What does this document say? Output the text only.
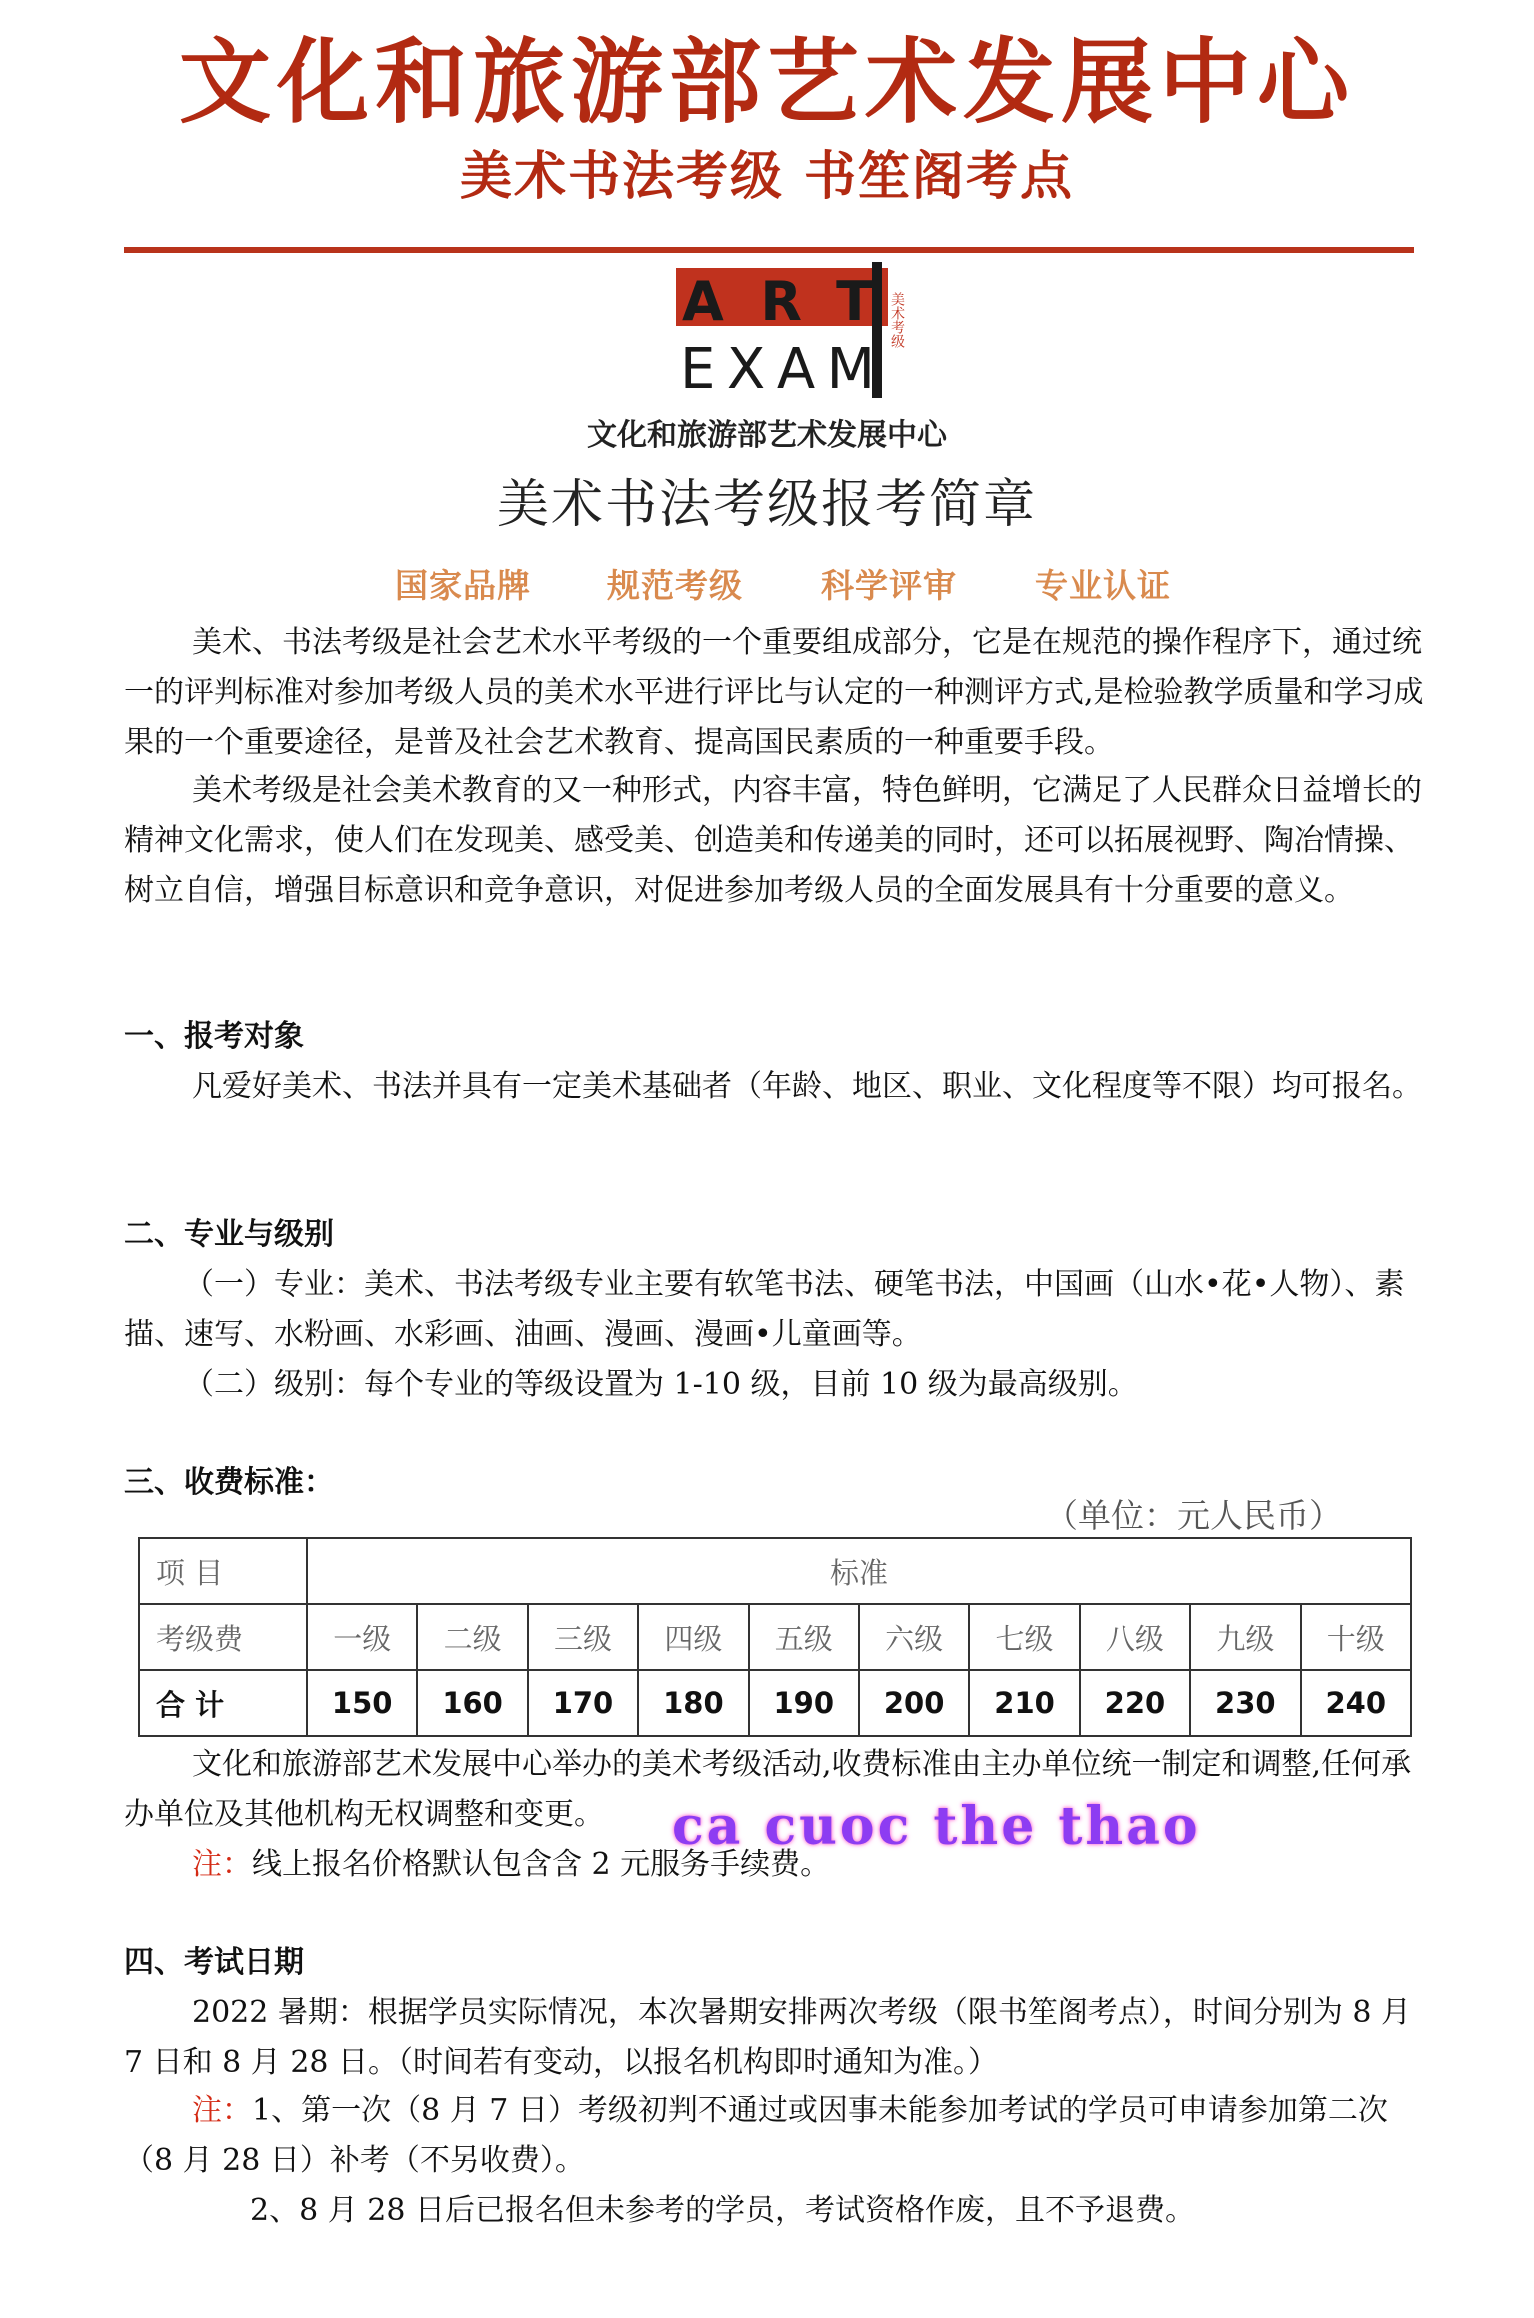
文化和旅游部艺术发展中心
美术书法考级 书笙阁考点
ART
EXAM
美术考级
文化和旅游部艺术发展中心
美术书法考级报考简章
国家品牌 规范考级 科学评审 专业认证

美术、书法考级是社会艺术水平考级的一个重要组成部分，它是在规范的操作程序下，通过统一的评判标准对参加考级人员的美术水平进行评比与认定的一种测评方式,是检验教学质量和学习成果的一个重要途径，是普及社会艺术教育、提高国民素质的一种重要手段。

美术考级是社会美术教育的又一种形式，内容丰富，特色鲜明，它满足了人民群众日益增长的精神文化需求，使人们在发现美、感受美、创造美和传递美的同时，还可以拓展视野、陶冶情操、树立自信，增强目标意识和竞争意识，对促进参加考级人员的全面发展具有十分重要的意义。

一、报考对象

凡爱好美术、书法并具有一定美术基础者（年龄、地区、职业、文化程度等不限）均可报名。

二、专业与级别

（一）专业：美术、书法考级专业主要有软笔书法、硬笔书法，中国画（山水•花•人物）、素描、速写、水粉画、水彩画、油画、漫画、漫画•儿童画等。

（二）级别：每个专业的等级设置为 1-10 级，目前 10 级为最高级别。

三、收费标准：
（单位：元人民币）
项 目	标准									
考级费	一级	二级	三级	四级	五级	六级	七级	八级	九级	十级
合 计	150	160	170	180	190	200	210	220	230	240

文化和旅游部艺术发展中心举办的美术考级活动,收费标准由主办单位统一制定和调整,任何承办单位及其他机构无权调整和变更。

注：线上报名价格默认包含含 2 元服务手续费。

ca cuoc the thao
四、考试日期

2022 暑期：根据学员实际情况，本次暑期安排两次考级（限书笙阁考点），时间分别为 8 月 7 日和 8 月 28 日。（时间若有变动，以报名机构即时通知为准。）

注：1、第一次（8 月 7 日）考级初判不通过或因事未能参加考试的学员可申请参加第二次（8 月 28 日）补考（不另收费）。

2、8 月 28 日后已报名但未参考的学员，考试资格作废，且不予退费。
